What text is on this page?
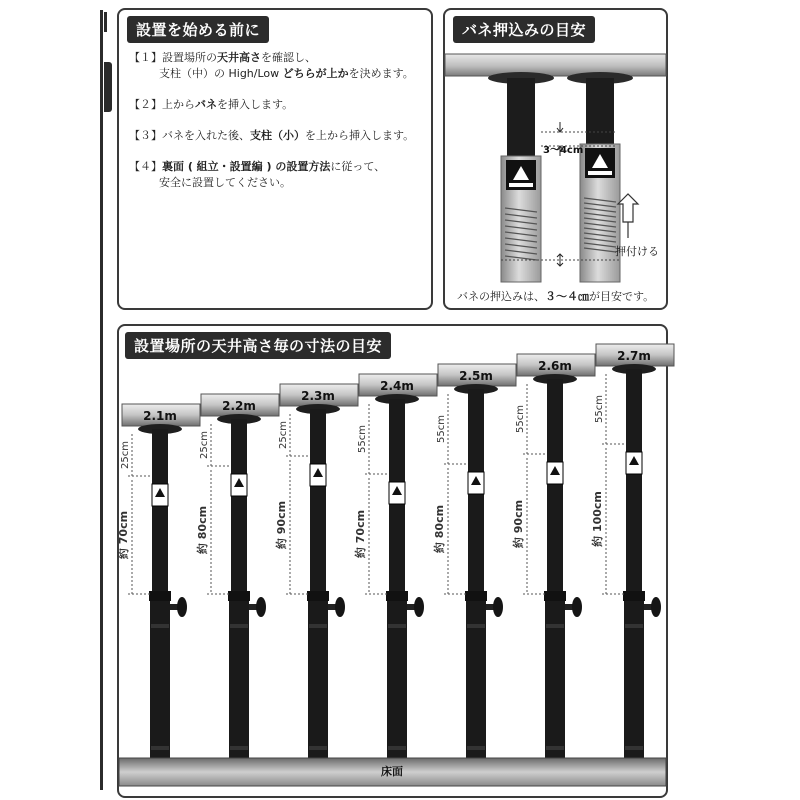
設置を始める前に
【１】設置場所の天井高さを確認し、
支柱（中）の High/Low どちらが上かを決めます。
【２】上からバネを挿入します。
【３】バネを入れた後、支柱（小）を上から挿入します。
【４】裏面 ( 組立・設置編 ) の設置方法に従って、
安全に設置してください。
バネ押込みの目安
3～4cm
押付ける
バネの押込みは、３～４㎝が目安です。
設置場所の天井高さ毎の寸法の目安
2.1m
25cm
約 70cm
2.2m
25cm
約 80cm
2.3m
25cm
約 90cm
2.4m
55cm
約 70cm
2.5m
55cm
約 80cm
2.6m
55cm
約 90cm
2.7m
55cm
約 100cm
床面
